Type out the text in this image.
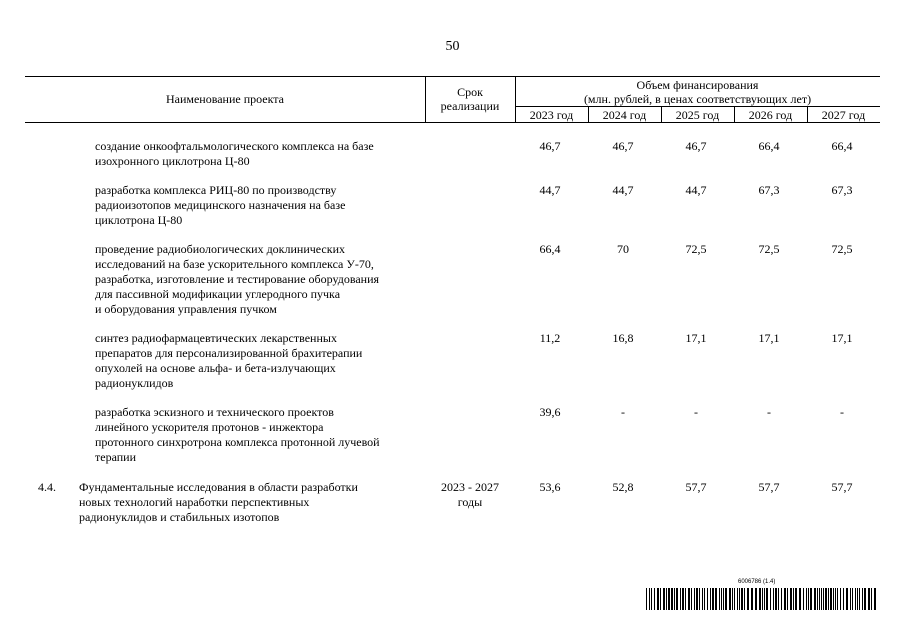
50
Наименование проекта	Срок
реализации
Объем финансирования
(млн. рублей, в ценах соответствующих лет)
2023 год	2024 год	2025 год	2026 год	2027 год
создание онкоофтальмологического комплекса на базе
изохронного циклотрона Ц-80
46,7	46,7	46,7	66,4	66,4
разработка комплекса РИЦ-80 по производству
радиоизотопов медицинского назначения на базе
циклотрона Ц-80
44,7	44,7	44,7	67,3	67,3
проведение радиобиологических доклинических
исследований на базе ускорительного комплекса У-70,
разработка, изготовление и тестирование оборудования
для пассивной модификации углеродного пучка
и оборудования управления пучком
66,4	70	72,5	72,5	72,5
синтез радиофармацевтических лекарственных
препаратов для персонализированной брахитерапии
опухолей на основе альфа- и бета-излучающих
радионуклидов
11,2	16,8	17,1	17,1	17,1
разработка эскизного и технического проектов
линейного ускорителя протонов - инжектора
протонного синхротрона комплекса протонной лучевой
терапии
39,6	-	-	-	-
4.4. Фундаментальные исследования в области разработки
новых технологий наработки перспективных
радионуклидов и стабильных изотопов
2023 - 2027
годы
53,6	52,8	57,7	57,7	57,7
6006786 (1.4)
